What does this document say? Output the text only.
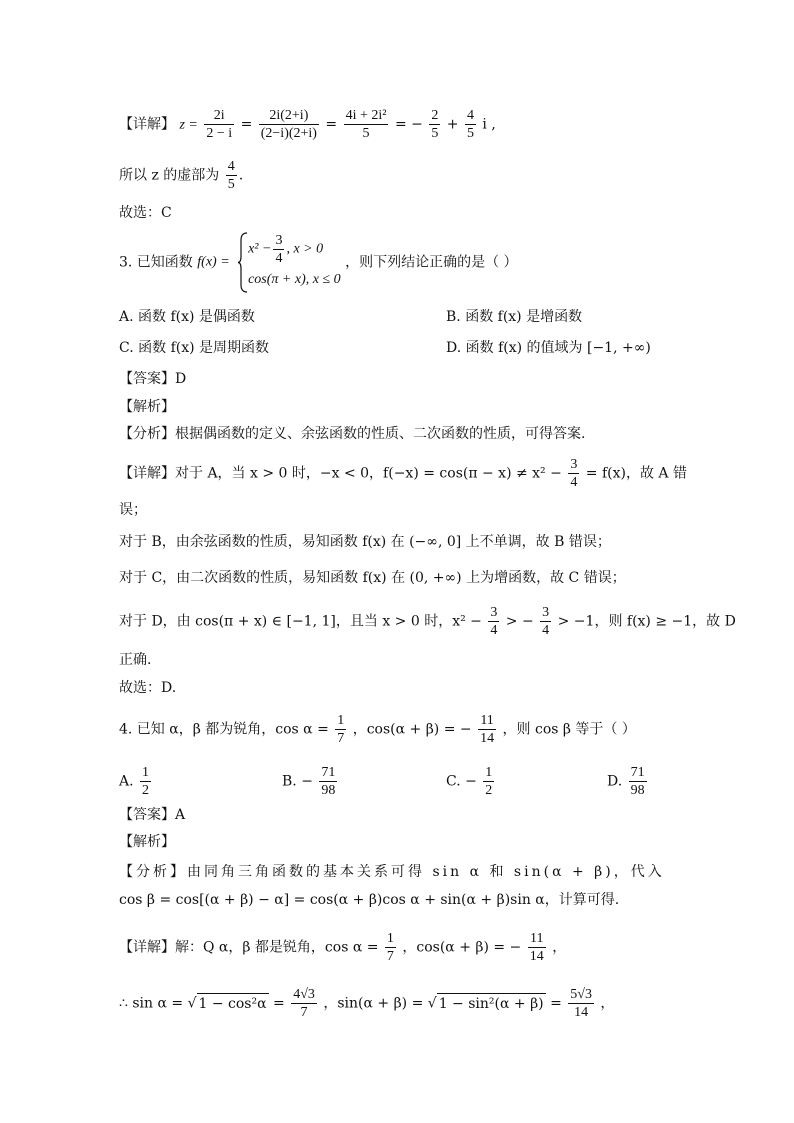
【详解】 $z = \frac{2i}{2 - i} = \frac{2i(2+i)}{(2-i)(2+i)} = \frac{\text{4i + 2i²}}{5}$ = − $\frac{2}{5} + \frac{4}{5}$ i ,
所以 z 的虚部为 $\frac{4}{5}$ .
故选：C
3. 已知函数 f(x) =
$x^2 - \frac{3}{4}$ , x > 0
cos(π + x), x ≤ 0
，则下列结论正确的是（ ）
A. 函数 f(x) 是偶函数	B. 函数 f(x) 是增函数
C. 函数 f(x) 是周期函数	D. 函数 f(x) 的值域为 [−1, +∞)
【答案】D
【解析】
【分析】根据偶函数的定义、余弦函数的性质、二次函数的性质，可得答案.
【详解】对于 A，当 x > 0 时，−x < 0，$f(-x) = \cos(\pi - x) \ne x^2 - \frac{3}{4} = f(x)$，故 A 错
误；
对于 B，由余弦函数的性质，易知函数 f(x) 在 (−∞, 0] 上不单调，故 B 错误；
对于 C，由二次函数的性质，易知函数 f(x) 在 (0, +∞) 上为增函数，故 C 错误；
对于 D，由 cos(π + x) ∈ [−1, 1]，且当 x > 0 时，$x^2 - \frac{3}{4}$ > − $\frac{3}{4} > -1$，则 f(x) ≥ −1，故 D
正确.
故选：D.
4. 已知 α，β 都为锐角，$\cos \alpha = \frac{1}{7}$ ，cos(α + β) = − $\frac{11}{14}$ ，则 cos β 等于（ ）
A. $\frac{1}{2}$	B. − $\frac{71}{98}$	C. − $\frac{1}{2}$	D. $\frac{71}{98}$
【答案】A
【解析】
【分析】由同角三角函数的基本关系可得 sin α 和 sin(α + β)，代入
cos β = cos[(α + β) − α] = cos(α + β)cos α + sin(α + β)sin α，计算可得.
【详解】解：Q α，β 都是锐角，$\cos \alpha = \frac{1}{7}$ ，cos(α + β) = − $\frac{11}{14}$ ，
∴ sin α = √ $1 - \cos^2\alpha = \frac{4√3}{7}$ ，sin(α + β) = √ $1 - \sin^2(\alpha + \beta) = \frac{5√3}{14}$ ，
